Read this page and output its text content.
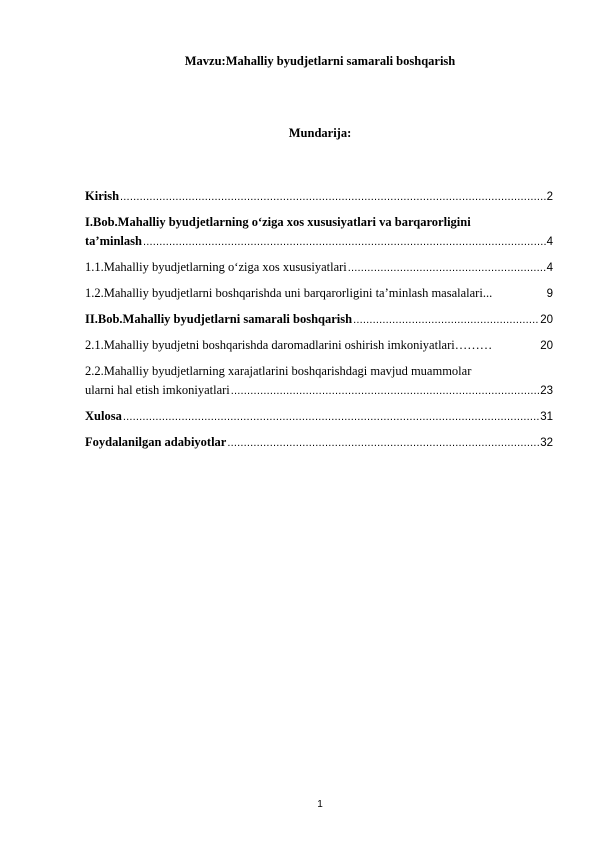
Mavzu:Mahalliy byudjetlarni samarali boshqarish

Mundarija:

Kirish .....	2
I.Bob.Mahalliy byudjetlarning o‘ziga xos xususiyatlari va barqarorligini
ta’minlash .....	4
1.1.Mahalliy byudjetlarning o‘ziga xos xususiyatlari .....	4
1.2.Mahalliy byudjetlarni boshqarishda uni barqarorligini ta’minlash masalalari...	9
II.Bob.Mahalliy byudjetlarni samarali boshqarish .....	20
2.1.Mahalliy byudjetni boshqarishda daromadlarini oshirish imkoniyatlari………	20
2.2.Mahalliy byudjetlarning xarajatlarini boshqarishdagi mavjud muammolar
ularni hal etish imkoniyatlari .....	23
Xulosa .....	31
Foydalanilgan adabiyotlar .....	32
1
